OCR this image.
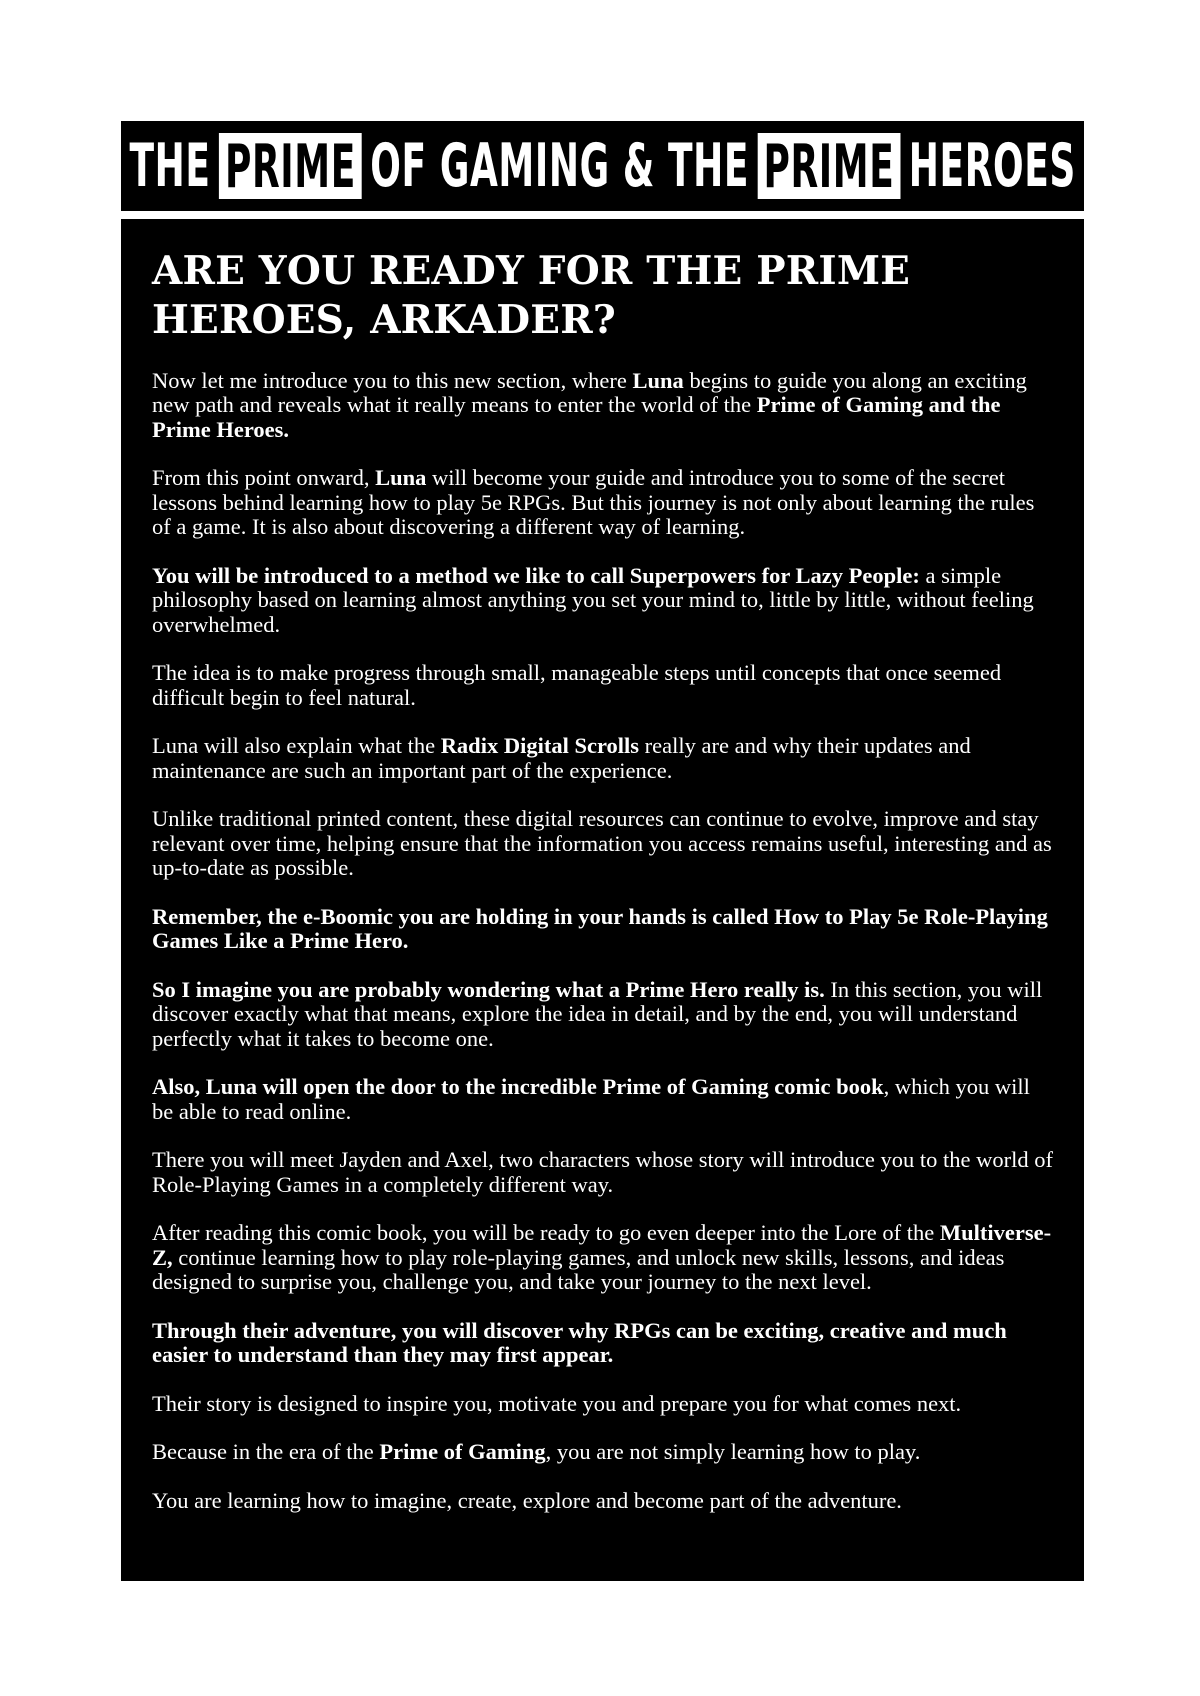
THE PRIME OF GAMING & THE PRIME HEROES
ARE YOU READY FOR THE PRIME HEROES, ARKADER?

Now let me introduce you to this new section, where Luna begins to guide you along an exciting new path and reveals what it really means to enter the world of the Prime of Gaming and the Prime Heroes.

From this point onward, Luna will become your guide and introduce you to some of the secret lessons behind learning how to play 5e RPGs. But this journey is not only about learning the rules of a game. It is also about discovering a different way of learning.

You will be introduced to a method we like to call Superpowers for Lazy People: a simple philosophy based on learning almost anything you set your mind to, little by little, without feeling overwhelmed.

The idea is to make progress through small, manageable steps until concepts that once seemed difficult begin to feel natural.

Luna will also explain what the Radix Digital Scrolls really are and why their updates and maintenance are such an important part of the experience.

Unlike traditional printed content, these digital resources can continue to evolve, improve and stay relevant over time, helping ensure that the information you access remains useful, interesting and as up-to-date as possible.

Remember, the e-Boomic you are holding in your hands is called How to Play 5e Role-Playing Games Like a Prime Hero.

So I imagine you are probably wondering what a Prime Hero really is. In this section, you will discover exactly what that means, explore the idea in detail, and by the end, you will understand perfectly what it takes to become one.

Also, Luna will open the door to the incredible Prime of Gaming comic book, which you will be able to read online.

There you will meet Jayden and Axel, two characters whose story will introduce you to the world of Role-Playing Games in a completely different way.

After reading this comic book, you will be ready to go even deeper into the Lore of the Multiverse- Z, continue learning how to play role-playing games, and unlock new skills, lessons, and ideas designed to surprise you, challenge you, and take your journey to the next level.

Through their adventure, you will discover why RPGs can be exciting, creative and much easier to understand than they may first appear.

Their story is designed to inspire you, motivate you and prepare you for what comes next.

Because in the era of the Prime of Gaming, you are not simply learning how to play.

You are learning how to imagine, create, explore and become part of the adventure.
